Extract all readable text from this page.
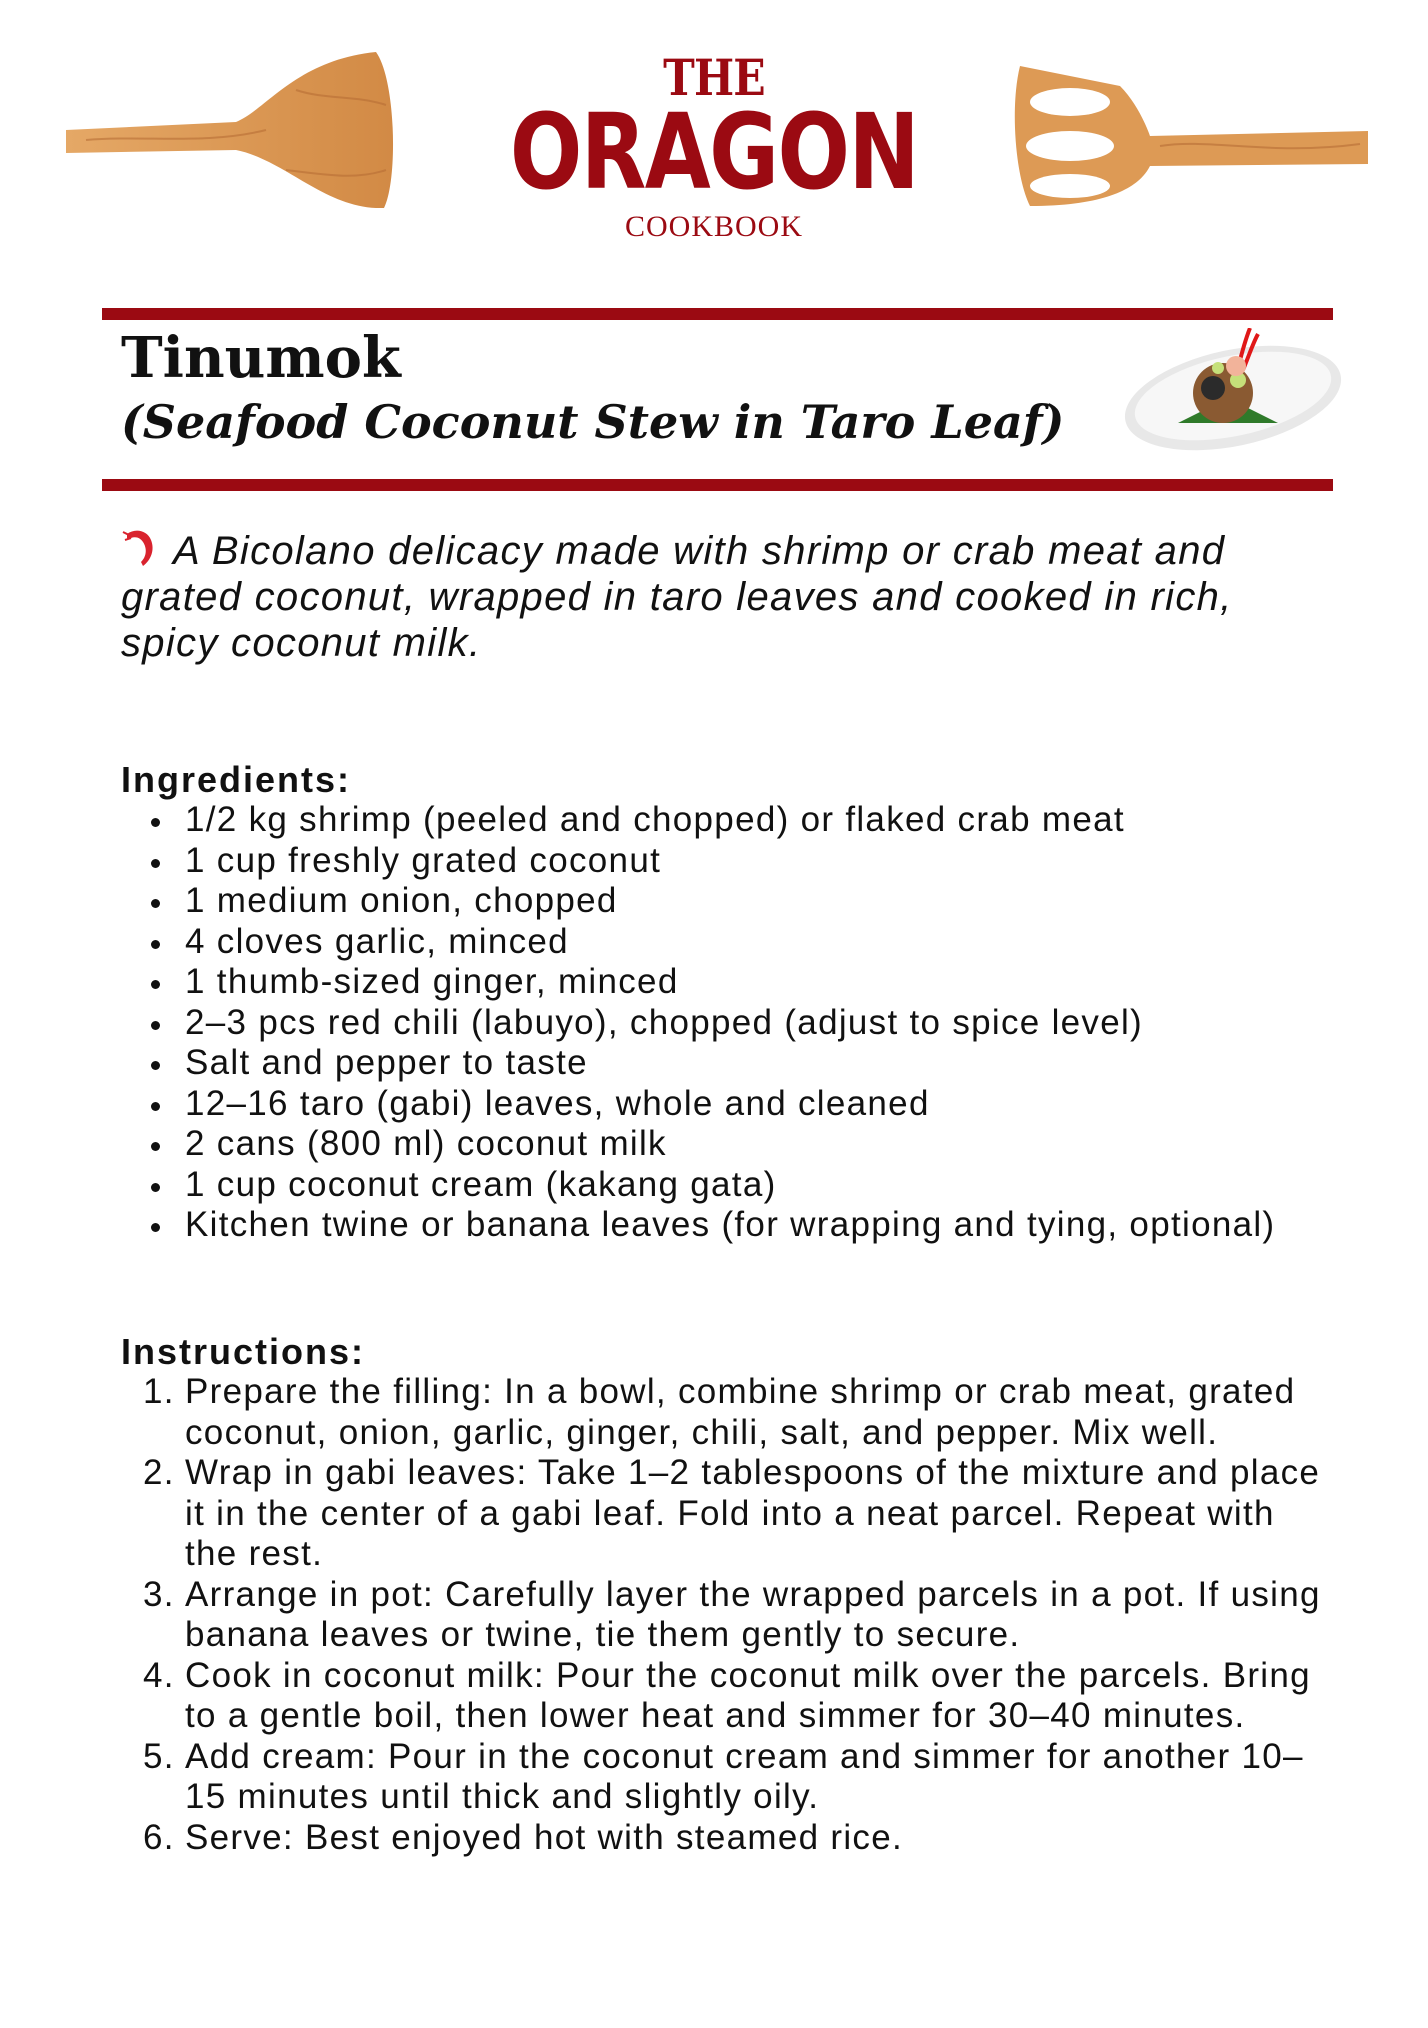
THE
ORAGON
COOKBOOK
Tinumok
(Seafood Coconut Stew in Taro Leaf)

A Bicolano delicacy made with shrimp or crab meat and grated coconut, wrapped in taro leaves and cooked in rich, spicy coconut milk.

Ingredients:
1/2 kg shrimp (peeled and chopped) or flaked crab meat
1 cup freshly grated coconut
1 medium onion, chopped
4 cloves garlic, minced
1 thumb-sized ginger, minced
2–3 pcs red chili (labuyo), chopped (adjust to spice level)
Salt and pepper to taste
12–16 taro (gabi) leaves, whole and cleaned
2 cans (800 ml) coconut milk
1 cup coconut cream (kakang gata)
Kitchen twine or banana leaves (for wrapping and tying, optional)
Instructions:
1. Prepare the filling: In a bowl, combine shrimp or crab meat, grated coconut, onion, garlic, ginger, chili, salt, and pepper. Mix well.
2. Wrap in gabi leaves: Take 1–2 tablespoons of the mixture and place it in the center of a gabi leaf. Fold into a neat parcel. Repeat with the rest.
3. Arrange in pot: Carefully layer the wrapped parcels in a pot. If using banana leaves or twine, tie them gently to secure.
4. Cook in coconut milk: Pour the coconut milk over the parcels. Bring to a gentle boil, then lower heat and simmer for 30–40 minutes.
5. Add cream: Pour in the coconut cream and simmer for another 10–15 minutes until thick and slightly oily.
6. Serve: Best enjoyed hot with steamed rice.
